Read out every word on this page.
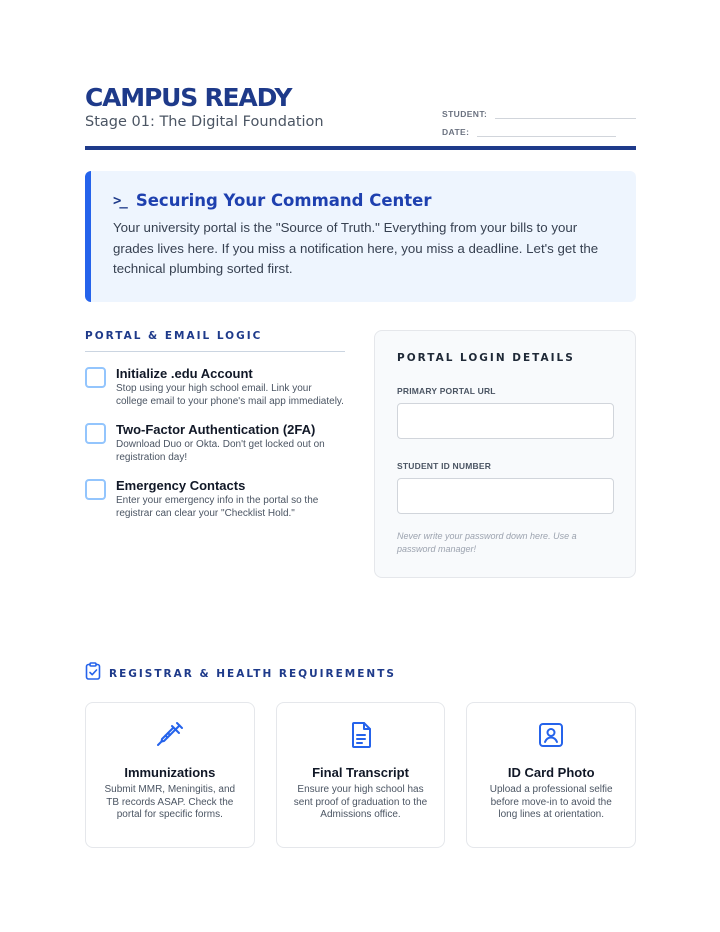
CAMPUS READY
Stage 01: The Digital Foundation	STUDENT:
DATE:
>_ Securing Your Command Center
Your university portal is the "Source of Truth." Everything from your bills to your grades lives here. If you miss a notification here, you miss a deadline. Let's get the technical plumbing sorted first.
PORTAL & EMAIL LOGIC
Initialize .edu Account
Stop using your high school email. Link your college email to your phone's mail app immediately.
Two-Factor Authentication (2FA)
Download Duo or Okta. Don't get locked out on registration day!
Emergency Contacts
Enter your emergency info in the portal so the registrar can clear your "Checklist Hold."
PORTAL LOGIN DETAILS
PRIMARY PORTAL URL
STUDENT ID NUMBER
Never write your password down here. Use a password manager!
REGISTRAR & HEALTH REQUIREMENTS
Immunizations
Submit MMR, Meningitis, and TB records ASAP. Check the portal for specific forms.
Final Transcript
Ensure your high school has sent proof of graduation to the Admissions office.
ID Card Photo
Upload a professional selfie before move-in to avoid the long lines at orientation.
